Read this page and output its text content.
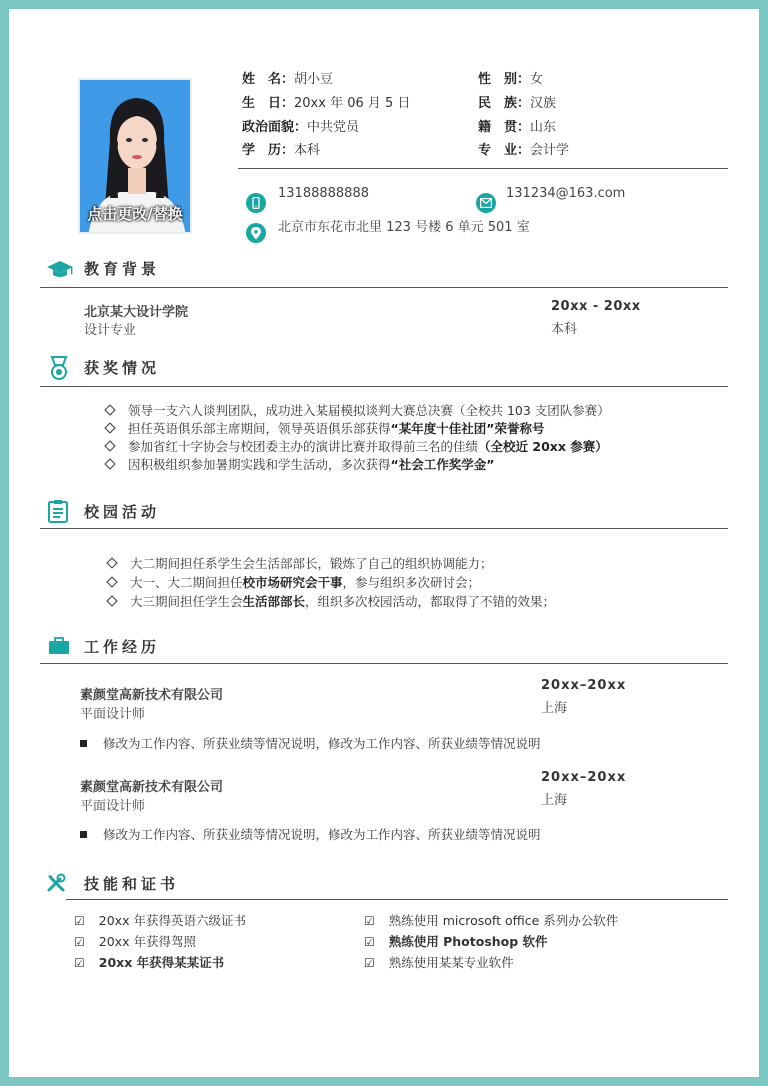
点击更改/替换
姓　名：胡小豆
生　日：20xx 年 06 月 5 日
政治面貌：中共党员
学　历：本科
性　别：女
民　族：汉族
籍　贯：山东
专　业：会计学
13188888888	131234@163.com
北京市东花市北里 123 号楼 6 单元 501 室
教育背景
北京某大设计学院
设计专业
20xx - 20xx
本科
获奖情况
领导一支六人谈判团队，成功进入某届模拟谈判大赛总决赛（全校共 103 支团队参赛）
担任英语俱乐部主席期间，领导英语俱乐部获得“某年度十佳社团”荣誉称号
参加省红十字协会与校团委主办的演讲比赛并取得前三名的佳绩（全校近 20xx 参赛）
因积极组织参加暑期实践和学生活动，多次获得“社会工作奖学金”
校园活动
大二期间担任系学生会生活部部长，锻炼了自己的组织协调能力；
大一、大二期间担任校市场研究会干事，参与组织多次研讨会；
大三期间担任学生会生活部部长，组织多次校园活动，都取得了不错的效果；
工作经历
素颜堂高新技术有限公司
平面设计师
20xx–20xx
上海
修改为工作内容、所获业绩等情况说明，修改为工作内容、所获业绩等情况说明
素颜堂高新技术有限公司
平面设计师
20xx–20xx
上海
修改为工作内容、所获业绩等情况说明，修改为工作内容、所获业绩等情况说明
技能和证书
☑ 20xx 年获得英语六级证书
☑ 20xx 年获得驾照
☑ 20xx 年获得某某证书
☑ 熟练使用 microsoft office 系列办公软件
☑ 熟练使用 Photoshop 软件
☑ 熟练使用某某专业软件
